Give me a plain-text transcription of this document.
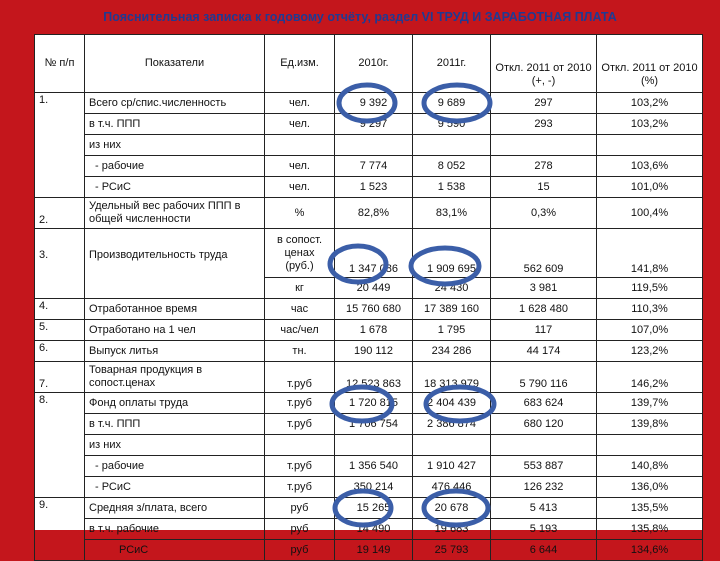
Пояснительная записка к годовому отчёту, раздел VI ТРУД И ЗАРАБОТНАЯ ПЛАТА
№ п/п	Показатели	Ед.изм.	2010г.	2011г.	Откл. 2011 от 2010 (+, -)	Откл. 2011 от 2010 (%)
1.	Всего ср/спис.численность	чел.	9 392	9 689	297	103,2%
	в т.ч. ППП	чел.	9 297	9 590	293	103,2%
	из них					
	- рабочие	чел.	7 774	8 052	278	103,6%
	- РСиС	чел.	1 523	1 538	15	101,0%
2.	Удельный вес рабочих ППП в общей численности	%	82,8%	83,1%	0,3%	100,4%
3.	Производительность труда	в сопост. ценах (руб.)	1 347 086	1 909 695	562 609	141,8%
		кг	20 449	24 430	3 981	119,5%
4.	Отработанное время	час	15 760 680	17 389 160	1 628 480	110,3%
5.	Отработано на 1 чел	час/чел	1 678	1 795	117	107,0%
6.	Выпуск литья	тн.	190 112	234 286	44 174	123,2%
7.	Товарная продукция в сопост.ценах	т.руб	12 523 863	18 313 979	5 790 116	146,2%
8.	Фонд оплаты труда	т.руб	1 720 815	2 404 439	683 624	139,7%
	в т.ч. ППП	т.руб	1 706 754	2 386 874	680 120	139,8%
	из них					
	- рабочие	т.руб	1 356 540	1 910 427	553 887	140,8%
	- РСиС	т.руб	350 214	476 446	126 232	136,0%
9.	Средняя з/плата, всего	руб	15 265	20 678	5 413	135,5%
	в т.ч. рабочие	руб	14 490	19 683	5 193	135,8%
	РСиС	руб	19 149	25 793	6 644	134,6%
